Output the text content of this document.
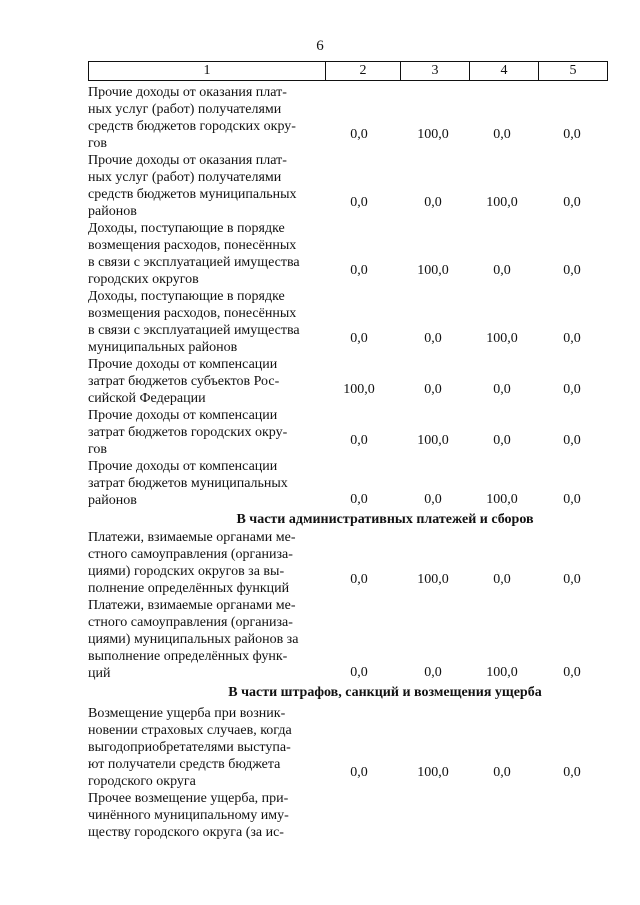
6
1	2	3	4	5
Прочие доходы от оказания плат-
ных услуг (работ) получателями
средств бюджетов городских окру-
гов
0,0	100,0	0,0	0,0
Прочие доходы от оказания плат-
ных услуг (работ) получателями
средств бюджетов муниципальных
районов
0,0	0,0	100,0	0,0
Доходы, поступающие в порядке
возмещения расходов, понесённых
в связи с эксплуатацией имущества
городских округов
0,0	100,0	0,0	0,0
Доходы, поступающие в порядке
возмещения расходов, понесённых
в связи с эксплуатацией имущества
муниципальных районов
0,0	0,0	100,0	0,0
Прочие доходы от компенсации
затрат бюджетов субъектов Рос-
сийской Федерации
100,0	0,0	0,0	0,0
Прочие доходы от компенсации
затрат бюджетов городских окру-
гов
0,0	100,0	0,0	0,0
Прочие доходы от компенсации
затрат бюджетов муниципальных
районов	0,0	0,0	100,0	0,0
В части административных платежей и сборов
Платежи, взимаемые органами ме-
стного самоуправления (организа-
циями) городских округов за вы-
полнение определённых функций
0,0	100,0	0,0	0,0
Платежи, взимаемые органами ме-
стного самоуправления (организа-
циями) муниципальных районов за
выполнение определённых функ-
ций	0,0	0,0	100,0	0,0
В части штрафов, санкций и возмещения ущерба
Возмещение ущерба при возник-
новении страховых случаев, когда
выгодоприобретателями выступа-
ют получатели средств бюджета
городского округа
0,0	100,0	0,0	0,0
Прочее возмещение ущерба, при-
чинённого муниципальному иму-
ществу городского округа (за ис-
